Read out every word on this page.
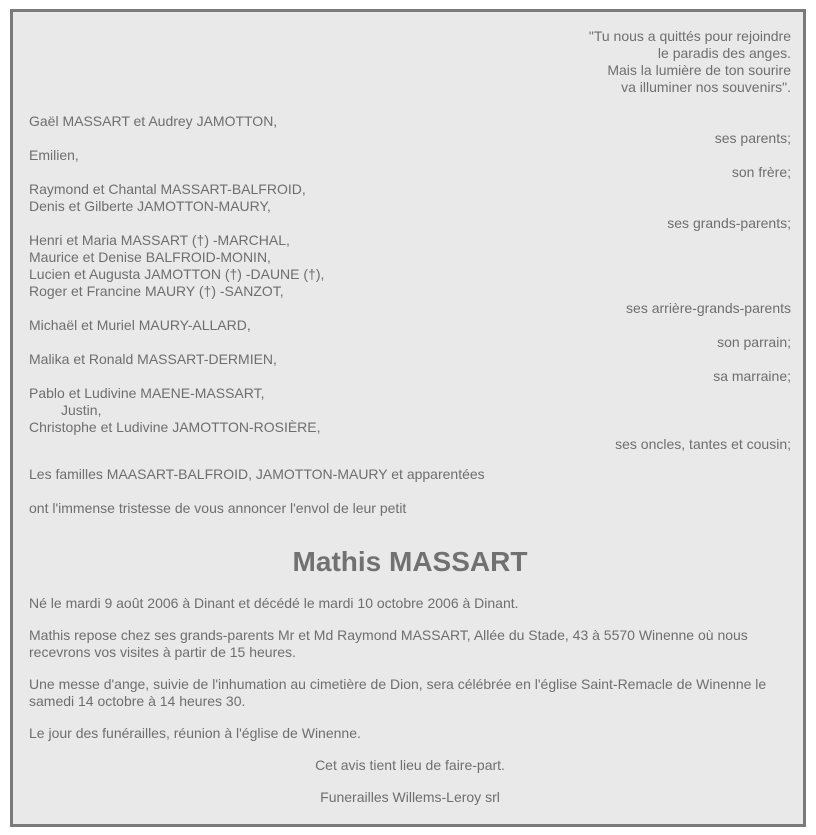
"Tu nous a quittés pour rejoindre
le paradis des anges.
Mais la lumière de ton sourire
va illuminer nos souvenirs".
Gaël MASSART et Audrey JAMOTTON,
ses parents;
Emilien,
son frère;
Raymond et Chantal MASSART-BALFROID,
Denis et Gilberte JAMOTTON-MAURY,
ses grands-parents;
Henri et Maria MASSART (†) -MARCHAL,
Maurice et Denise BALFROID-MONIN,
Lucien et Augusta JAMOTTON (†) -DAUNE (†),
Roger et Francine MAURY (†) -SANZOT,
ses arrière-grands-parents
Michaël et Muriel MAURY-ALLARD,
son parrain;
Malika et Ronald MASSART-DERMIEN,
sa marraine;
Pablo et Ludivine MAENE-MASSART,
Justin,
Christophe et Ludivine JAMOTTON-ROSIÈRE,
ses oncles, tantes et cousin;

Les familles MAASART-BALFROID, JAMOTTON-MAURY et apparentées

ont l'immense tristesse de vous annoncer l'envol de leur petit

Mathis MASSART

Né le mardi 9 août 2006 à Dinant et décédé le mardi 10 octobre 2006 à Dinant.

Mathis repose chez ses grands-parents Mr et Md Raymond MASSART, Allée du Stade, 43 à 5570 Winenne où nous recevrons vos visites à partir de 15 heures.

Une messe d'ange, suivie de l'inhumation au cimetière de Dion, sera célébrée en l'église Saint-Remacle de Winenne le samedi 14 octobre à 14 heures 30.

Le jour des funérailles, réunion à l'église de Winenne.

Cet avis tient lieu de faire-part.

Funerailles Willems-Leroy srl
